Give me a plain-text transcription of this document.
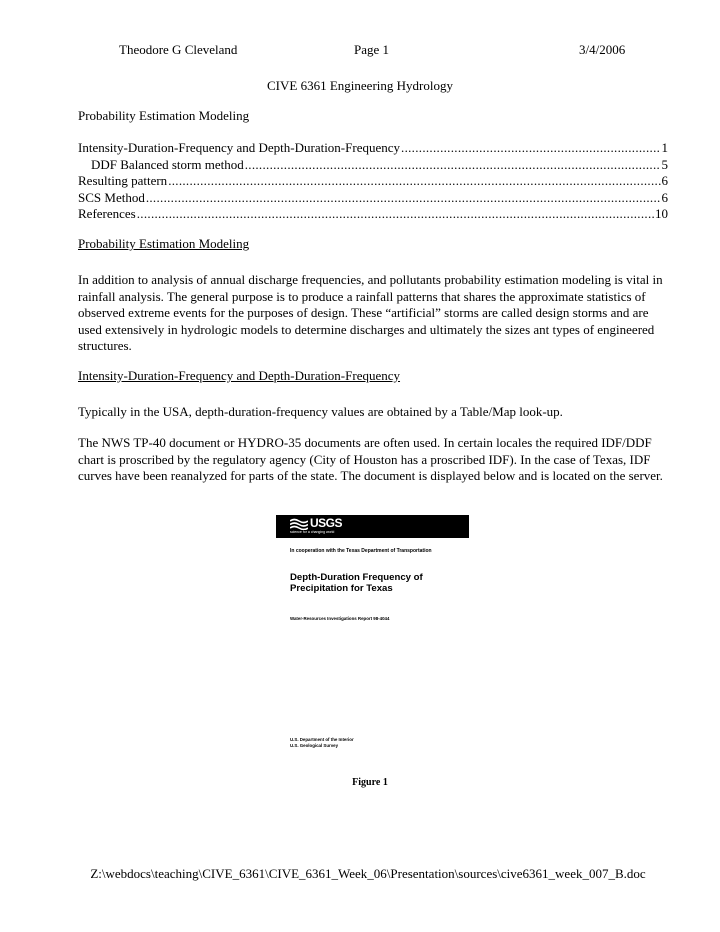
Theodore G Cleveland	Page 1	3/4/2006
CIVE 6361 Engineering Hydrology
Probability Estimation Modeling
Intensity-Duration-Frequency and Depth-Duration-Frequency .....	1
DDF Balanced storm method .....	5
Resulting pattern .....	6
SCS Method .....	6
References .....	10
Probability Estimation Modeling
In addition to analysis of annual discharge frequencies, and pollutants probability estimation modeling is vital in rainfall analysis. The general purpose is to produce a rainfall patterns that shares the approximate statistics of observed extreme events for the purposes of design. These “artificial” storms are called design storms and are used extensively in hydrologic models to determine discharges and ultimately the sizes ant types of engineered structures.
Intensity-Duration-Frequency and Depth-Duration-Frequency
Typically in the USA, depth-duration-frequency values are obtained by a Table/Map look-up.
The NWS TP-40 document or HYDRO-35 documents are often used. In certain locales the required IDF/DDF chart is proscribed by the regulatory agency (City of Houston has a proscribed IDF). In the case of Texas, IDF curves have been reanalyzed for parts of the state. The document is displayed below and is located on the server.
USGS
science for a changing world
In cooperation with the Texas Department of Transportation
Depth-Duration Frequency of
Precipitation for Texas
Water-Resources Investigations Report 98-4044
U.S. Department of the Interior
U.S. Geological Survey
Figure 1
Z:\webdocs\teaching\CIVE_6361\CIVE_6361_Week_06\Presentation\sources\cive6361_week_007_B.doc
